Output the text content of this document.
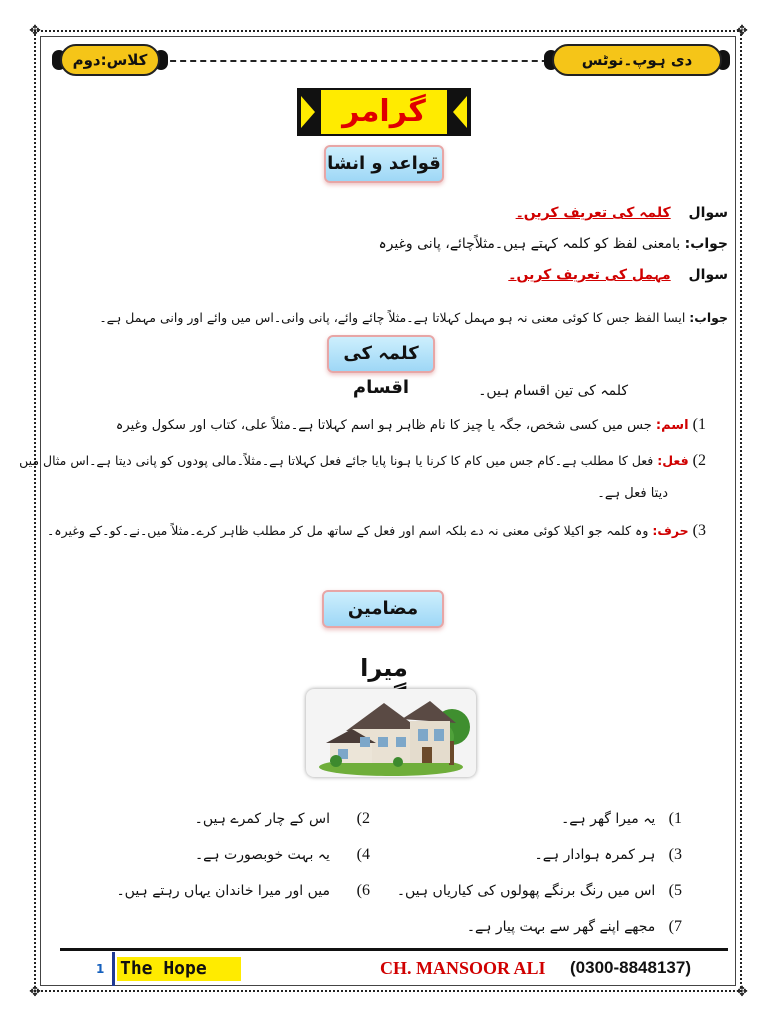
✥	✥
✥	✥
کلاس:دوم	دی ہوپ۔نوٹس
گرامر
قواعد و انشا
سوال    کلمہ کی تعریف کریں۔
جواب: بامعنی لفظ کو کلمہ کہتے ہیں۔مثلاًچائے، پانی وغیرہ
سوال    مہمل کی تعریف کریں۔
جواب: ایسا الفظ جس کا کوئی معنی نہ ہو مہمل کہلاتا ہے۔مثلاً چائے وائے، پانی وانی۔اس میں وائے اور وانی مہمل ہے۔
کلمہ کی اقسام	کلمہ کی تین اقسام ہیں۔
1) اسم: جس میں کسی شخص، جگہ یا چیز کا نام ظاہر ہو اسم کہلاتا ہے۔مثلاً علی، کتاب اور سکول وغیرہ
2) فعل: فعل کا مطلب ہے۔کام جس میں کام کا کرنا یا ہونا پایا جائے فعل کہلاتا ہے۔مثلاً۔مالی پودوں کو پانی دیتا ہے۔اس مثال میں
دیتا فعل ہے۔
3) حرف: وہ کلمہ جو اکیلا کوئی معنی نہ دے بلکہ اسم اور فعل کے ساتھ مل کر مطلب ظاہر کرے۔مثلاً میں۔نے۔کو۔کے وغیرہ۔
مضامین
میرا
1)   یہ میرا گھر ہے۔
3)   ہر کمرہ ہوادار ہے۔
5)   اس میں رنگ برنگے پھولوں کی کیاریاں ہیں۔
7)   مجھے اپنے گھر سے بہت پیار ہے۔
2)      اس کے چار کمرے ہیں۔
4)      یہ بہت خوبصورت ہے۔
6)      میں اور میرا خاندان یہاں رہتے ہیں۔
1 The Hope	CH. MANSOOR ALI (0300-8848137)
